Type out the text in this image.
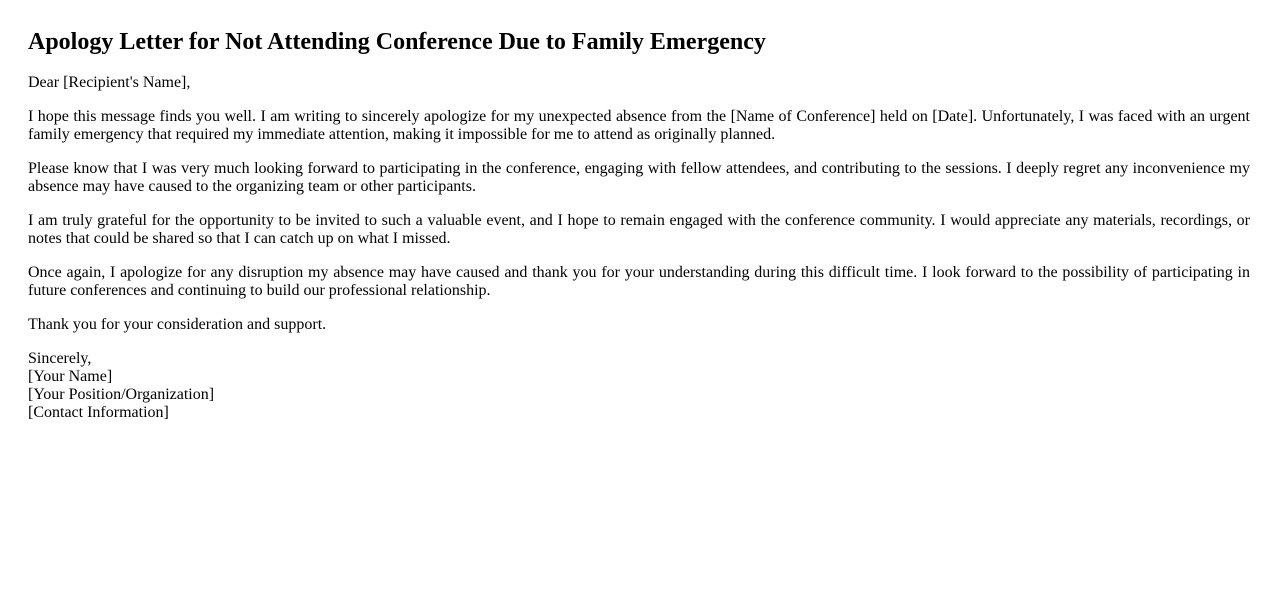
Apology Letter for Not Attending Conference Due to Family Emergency

Dear [Recipient's Name],

I hope this message finds you well. I am writing to sincerely apologize for my unexpected absence from the [Name of Conference] held on [Date]. Unfortunately, I was faced with an urgent family emergency that required my immediate attention, making it impossible for me to attend as originally planned.

Please know that I was very much looking forward to participating in the conference, engaging with fellow attendees, and contributing to the sessions. I deeply regret any inconvenience my absence may have caused to the organizing team or other participants.

I am truly grateful for the opportunity to be invited to such a valuable event, and I hope to remain engaged with the conference community. I would appreciate any materials, recordings, or notes that could be shared so that I can catch up on what I missed.

Once again, I apologize for any disruption my absence may have caused and thank you for your understanding during this difficult time. I look forward to the possibility of participating in future conferences and continuing to build our professional relationship.

Thank you for your consideration and support.

Sincerely,
[Your Name]
[Your Position/Organization]
[Contact Information]
